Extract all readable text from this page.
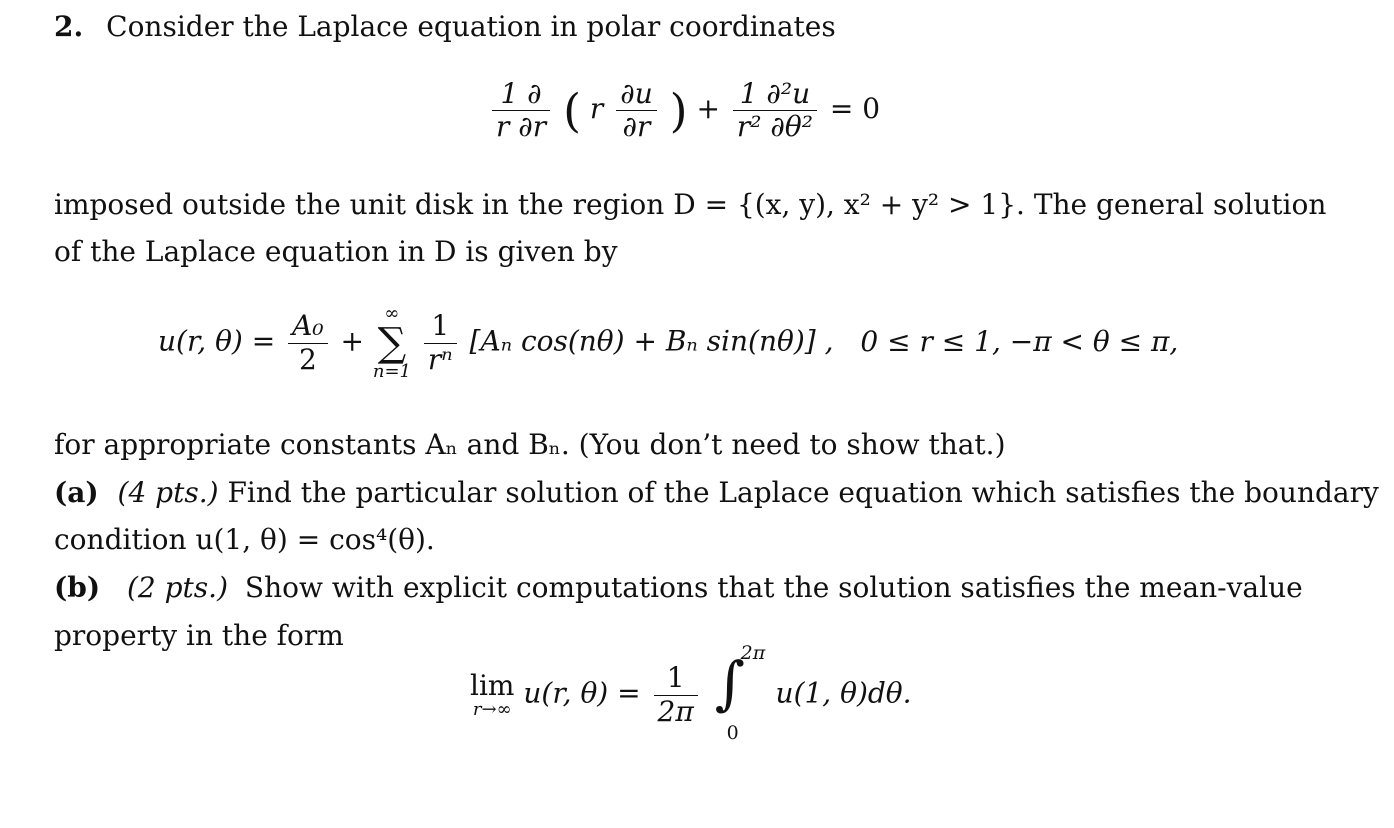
2. Consider the Laplace equation in polar coordinates
$\frac{1 \partial}{r \partial r}$ ( r $\frac{\partial u}{\partial r}$ ) + $\frac{\text{1 ∂²u}}{\text{r² ∂θ²}} = 0$
imposed outside the unit disk in the region D = {(x, y), x² + y² > 1}. The general solution
of the Laplace equation in D is given by
u(r, $\theta) = \frac{\text{A₀}}{2}$ +
∞
∑
n=1
$\frac{1}{\text{rⁿ}} [A_n$ cos(nθ) + Bₙ sin(nθ)] , 0 ≤ r ≤ 1, −π < θ ≤ π,
for appropriate constants Aₙ and Bₙ. (You don’t need to show that.)
(a) (4 pts.) Find the particular solution of the Laplace equation which satisfies the boundary
condition u(1, θ) = cos⁴(θ).
(b) (2 pts.) Show with explicit computations that the solution satisfies the mean-value
property in the form
lim
r→∞
u(r, $\theta) = \frac{1}{2\pi}$
∫
2π
0
u(1, θ)dθ.
